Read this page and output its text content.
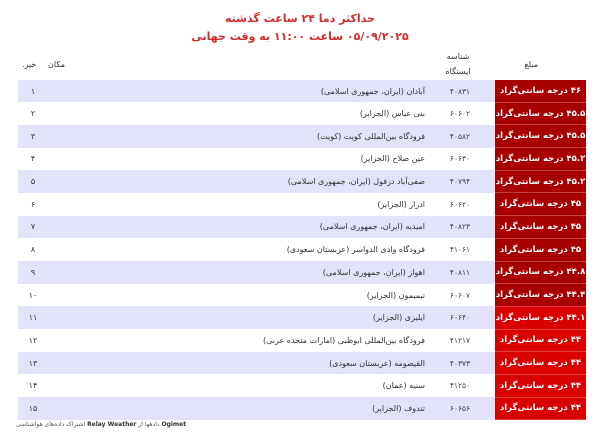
حداکثر دما ۲۴ ساعت گذشته
۰۵/۰۹/۲۰۲۵ ساعت ۱۱:۰۰ به وقت جهانی
مبلغ
شناسه
ایستگاه
مکان
خیر.
۴۶ درجه سانتی‌گراد	۴۰۸۳۱	آبادان (ایران، جمهوری اسلامی)	۱
۴۵.۵ درجه سانتی‌گراد	۶۰۶۰۲	بنی عباس (الجزایر)	۲
۴۵.۵ درجه سانتی‌گراد	۴۰۵۸۲	فرودگاه بین‌المللی کویت (کویت)	۳
۴۵.۲ درجه سانتی‌گراد	۶۰۶۳۰	عین صلاح (الجزایر)	۴
۴۵.۲ درجه سانتی‌گراد	۴۰۷۹۴	صفی‌آباد دزفول (ایران، جمهوری اسلامی)	۵
۴۵ درجه سانتی‌گراد	۶۰۶۲۰	ادرار (الجزایر)	۶
۴۵ درجه سانتی‌گراد	۴۰۸۲۳	امیدیه (ایران، جمهوری اسلامی)	۷
۴۵ درجه سانتی‌گراد	۴۱۰۶۱	فرودگاه وادی الدواسر (عربستان سعودی)	۸
۴۴.۸ درجه سانتی‌گراد	۴۰۸۱۱	اهواز (ایران، جمهوری اسلامی)	۹
۴۴.۴ درجه سانتی‌گراد	۶۰۶۰۷	تیمیمون (الجزایر)	۱۰
۴۴.۱ درجه سانتی‌گراد	۶۰۶۴۰	ایلیزی (الجزایر)	۱۱
۴۴ درجه سانتی‌گراد	۴۱۲۱۷	فرودگاه بین‌المللی ابوظبی (امارات متحده عربی)	۱۲
۴۴ درجه سانتی‌گراد	۴۰۳۷۳	القیصومه (عربستان سعودی)	۱۳
۴۴ درجه سانتی‌گراد	۴۱۲۵۰	سنیه (عمان)	۱۴
۴۴ درجه سانتی‌گراد	۶۰۶۵۶	تندوف (الجزایر)	۱۵
Ogimet دادهها از Relay Weather اشتراک داده‌های هواشناسی
